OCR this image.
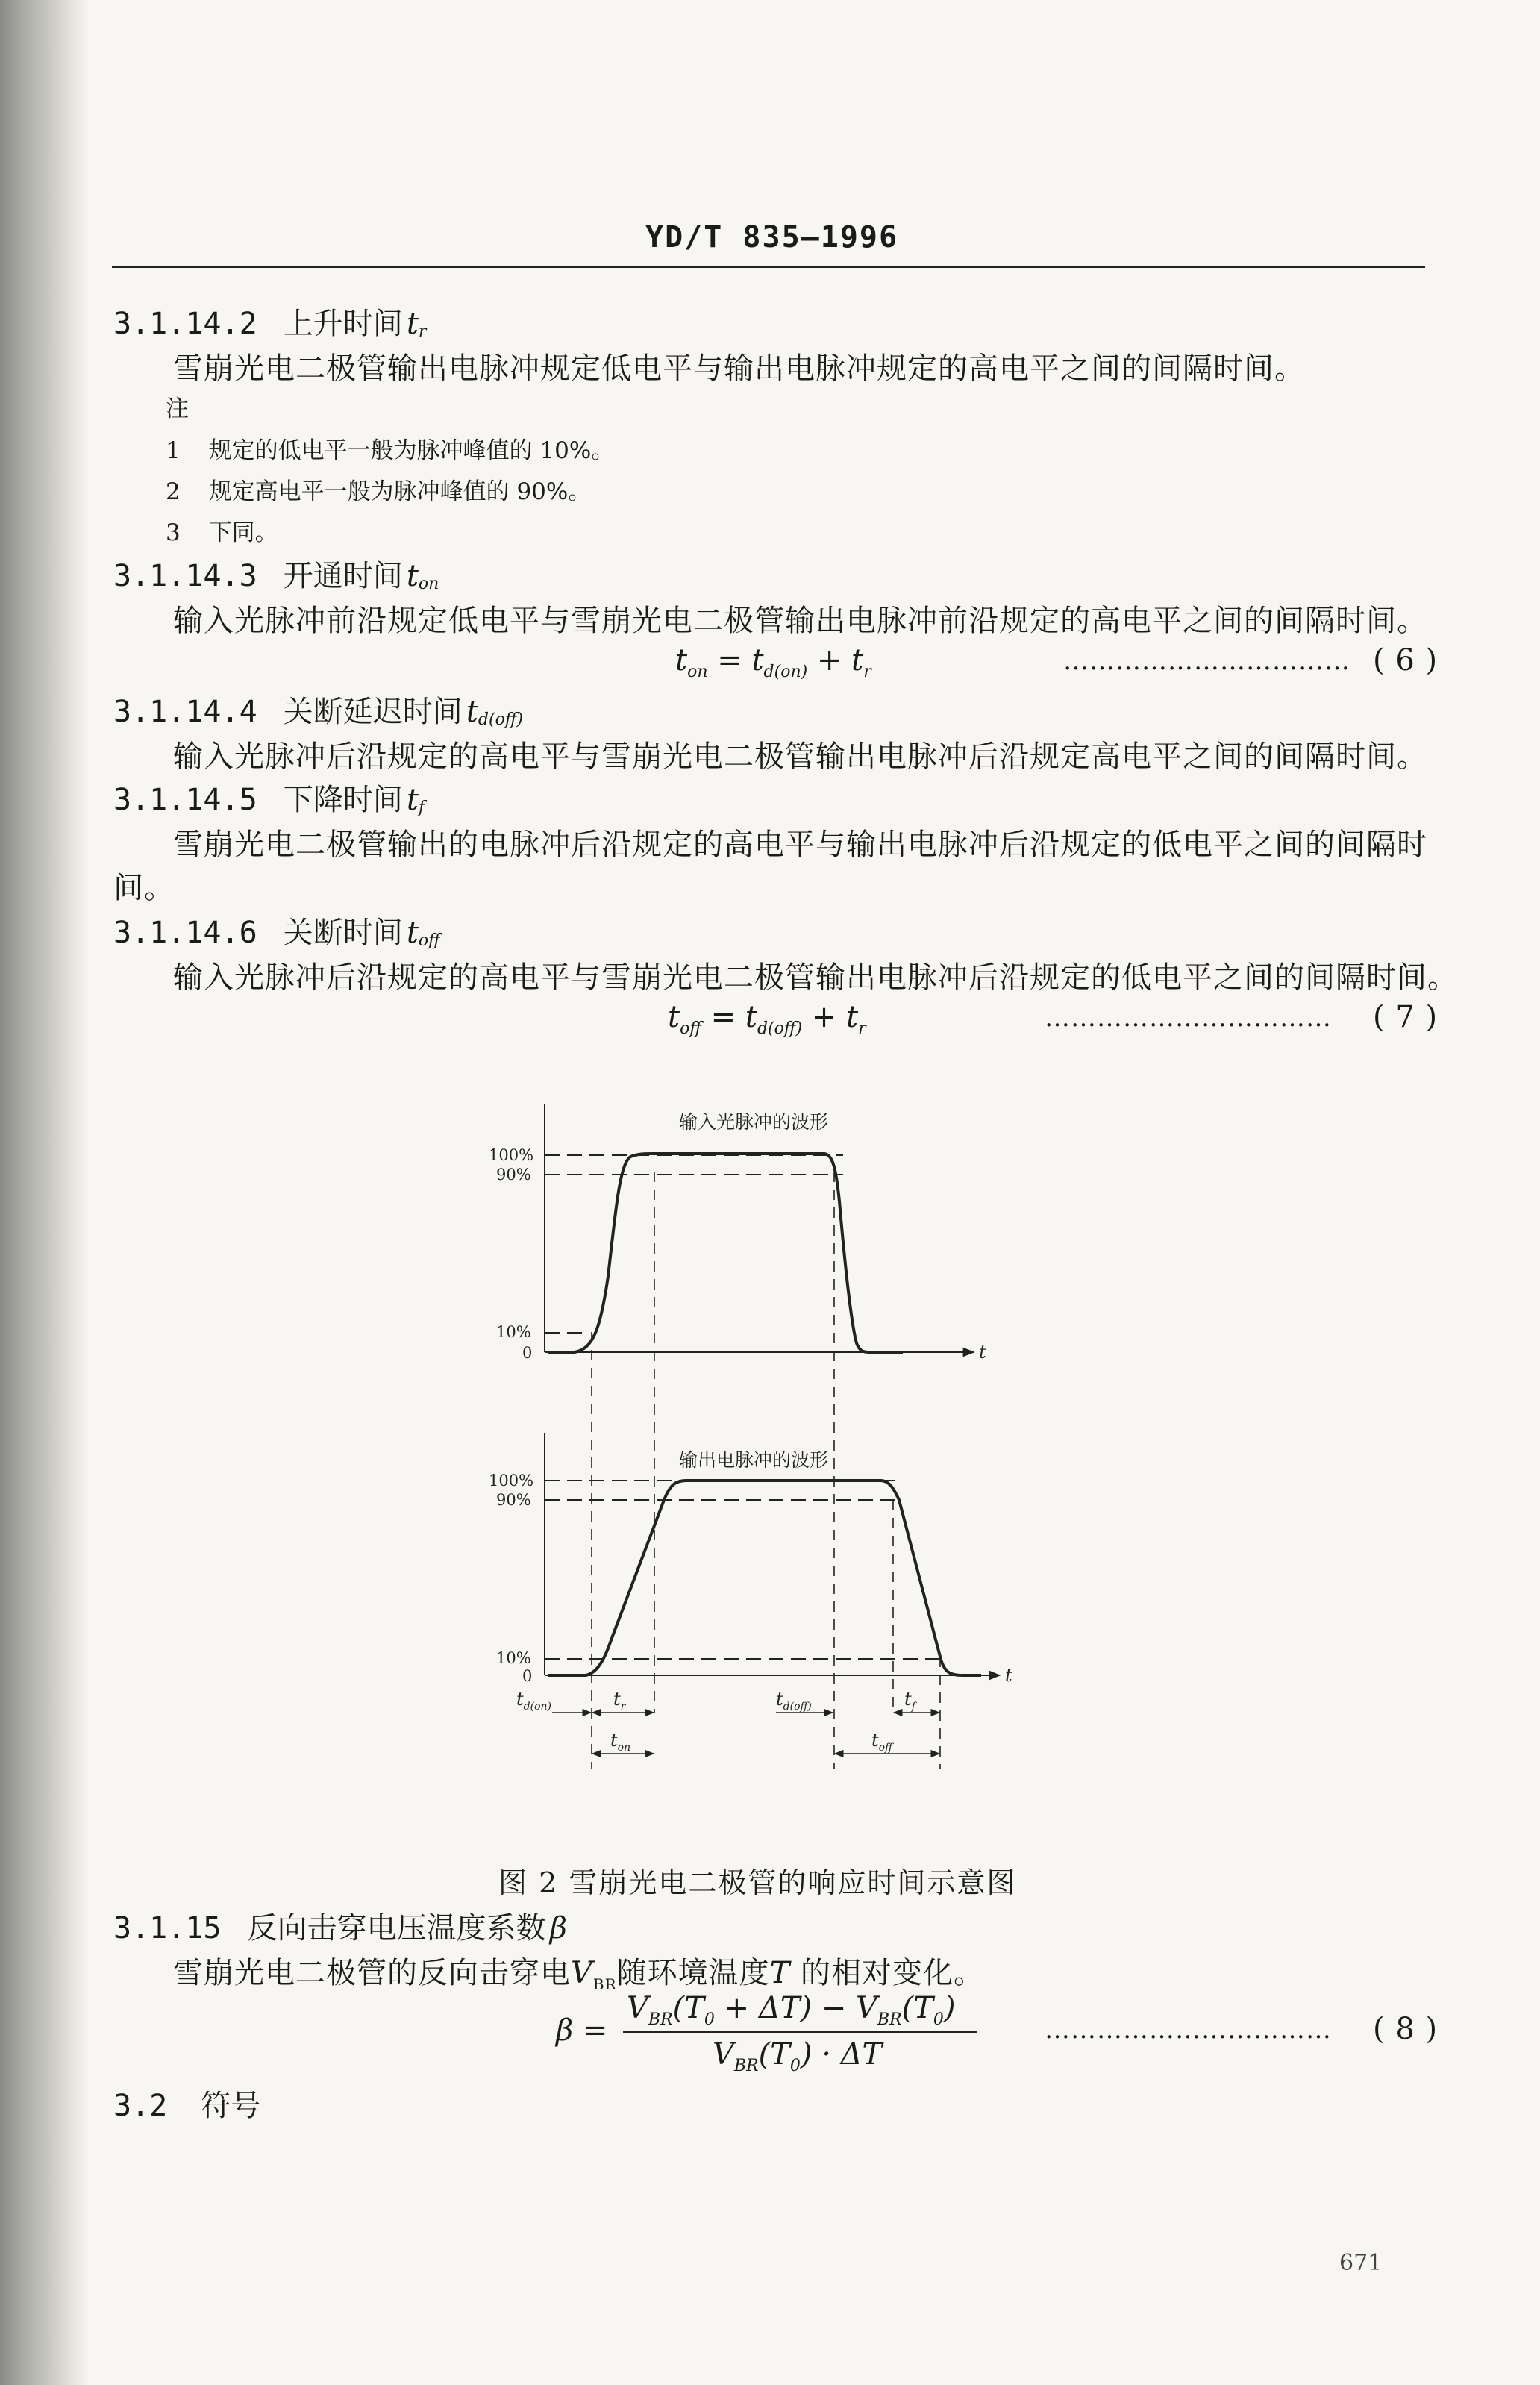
YD/T 835—1996
3.1.14.2 上升时间 $t_r$
雪崩光电二极管输出电脉冲规定低电平与输出电脉冲规定的高电平之间的间隔时间。
注
1 规定的低电平一般为脉冲峰值的 10%。
2 规定高电平一般为脉冲峰值的 90%。
3 下同。
3.1.14.3 开通时间 $t_{on}$
输入光脉冲前沿规定低电平与雪崩光电二极管输出电脉冲前沿规定的高电平之间的间隔时间。
$t_{on} = t_{d(on)} + t_r$	…………………………… ( 6 )
3.1.14.4 关断延迟时间 $t_{d(off)}$
输入光脉冲后沿规定的高电平与雪崩光电二极管输出电脉冲后沿规定高电平之间的间隔时间。
3.1.14.5 下降时间 $t_f$
雪崩光电二极管输出的电脉冲后沿规定的高电平与输出电脉冲后沿规定的低电平之间的间隔时
间。
3.1.14.6 关断时间 $t_{off}$
输入光脉冲后沿规定的高电平与雪崩光电二极管输出电脉冲后沿规定的低电平之间的间隔时间。
$t_{off} = t_{d(off)} + t_r$	…………………………… ( 7 )
输入光脉冲的波形
100%
90%
10%
0	t
输出电脉冲的波形
100%
90%
10%
0	t
$t_{d(on)}$	$t_r$	$t_{d(off)}$	$t_f$
$t_{on}$	$t_{off}$
图 2 雪崩光电二极管的响应时间示意图
3.1.15 反向击穿电压温度系数 β
雪崩光电二极管的反向击穿电$V_{BR}$随环境温度T 的相对变化。
β =
$V_{BR}(T_0 + \Delta T) - V_{BR}(T_0)$
$V_{BR}(T_0) \cdot \Delta T$
…………………………… ( 8 )
3.2 符号
671
